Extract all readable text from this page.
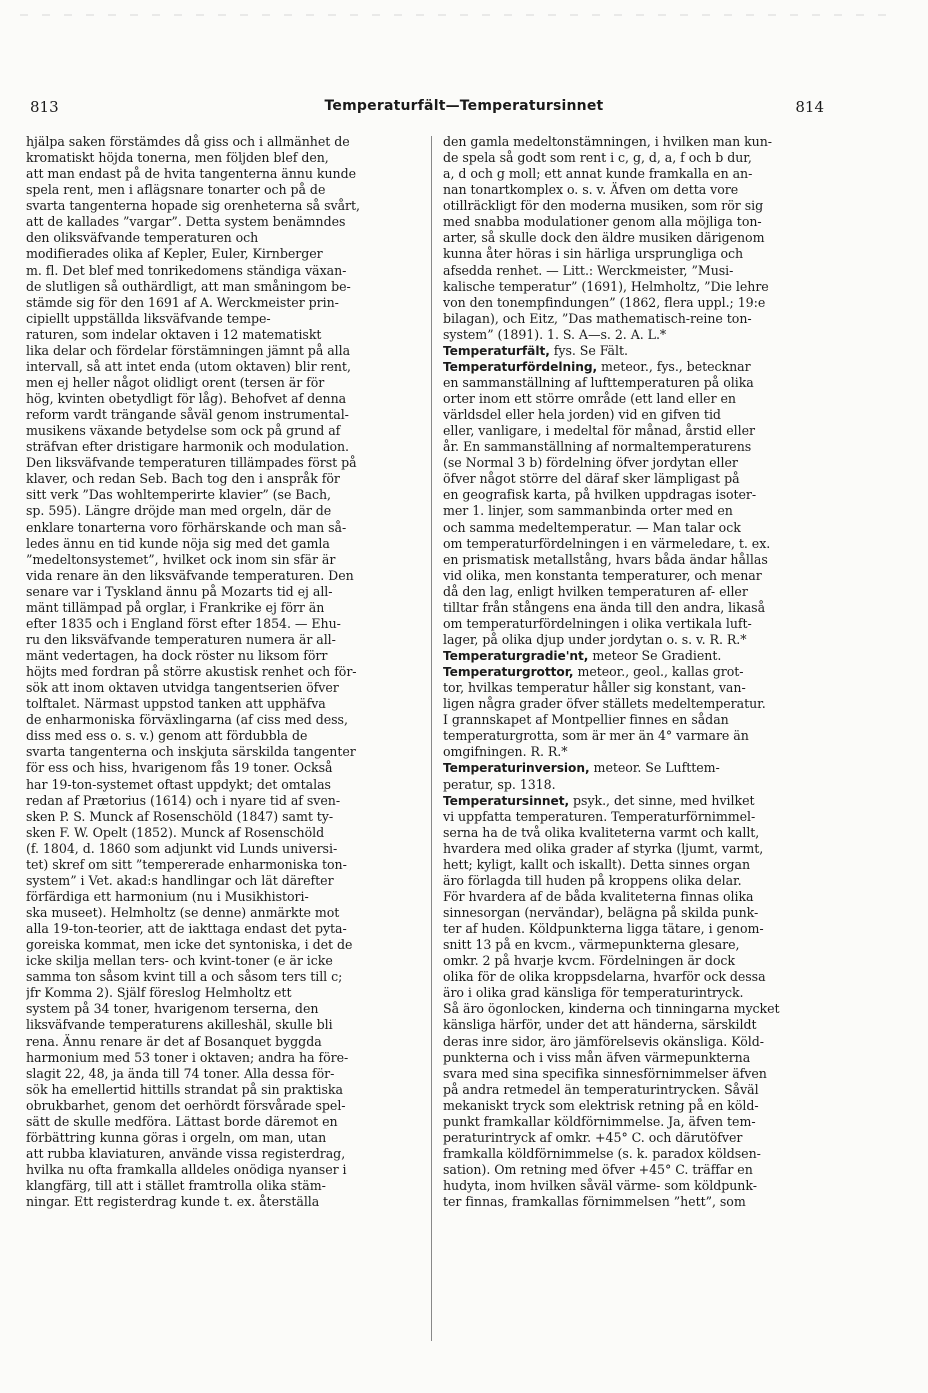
813	Temperaturfält—Temperatursinnet	814
hjälpa saken förstämdes då giss och i allmänhet de
kromatiskt höjda tonerna, men följden blef den,
att man endast på de hvita tangenterna ännu kunde
spela rent, men i aflägsnare tonarter och på de
svarta tangenterna hopade sig orenheterna så svårt,
att de kallades ”vargar”. Detta system benämndes
den oliksväfvande temperaturen och
modifierades olika af Kepler, Euler, Kirnberger
m. fl. Det blef med tonrikedomens ständiga växan-
de slutligen så outhärdligt, att man småningom be-
stämde sig för den 1691 af A. Werckmeister prin-
cipiellt uppställda liksväfvande tempe-
raturen, som indelar oktaven i 12 matematiskt
lika delar och fördelar förstämningen jämnt på alla
intervall, så att intet enda (utom oktaven) blir rent,
men ej heller något olidligt orent (tersen är för
hög, kvinten obetydligt för låg). Behofvet af denna
reform vardt trängande såväl genom instrumental-
musikens växande betydelse som ock på grund af
sträfvan efter dristigare harmonik och modulation.
Den liksväfvande temperaturen tillämpades först på
klaver, och redan Seb. Bach tog den i anspråk för
sitt verk ”Das wohltemperirte klavier” (se Bach,
sp. 595). Längre dröjde man med orgeln, där de
enklare tonarterna voro förhärskande och man så-
ledes ännu en tid kunde nöja sig med det gamla
”medeltonsystemet”, hvilket ock inom sin sfär är
vida renare än den liksväfvande temperaturen. Den
senare var i Tyskland ännu på Mozarts tid ej all-
mänt tillämpad på orglar, i Frankrike ej förr än
efter 1835 och i England först efter 1854. — Ehu-
ru den liksväfvande temperaturen numera är all-
mänt vedertagen, ha dock röster nu liksom förr
höjts med fordran på större akustisk renhet och för-
sök att inom oktaven utvidga tangentserien öfver
tolftalet. Närmast uppstod tanken att upphäfva
de enharmoniska förväxlingarna (af ciss med dess,
diss med ess o. s. v.) genom att fördubbla de
svarta tangenterna och inskjuta särskilda tangenter
för ess och hiss, hvarigenom fås 19 toner. Också
har 19-ton-systemet oftast uppdykt; det omtalas
redan af Prætorius (1614) och i nyare tid af sven-
sken P. S. Munck af Rosenschöld (1847) samt ty-
sken F. W. Opelt (1852). Munck af Rosenschöld
(f. 1804, d. 1860 som adjunkt vid Lunds universi-
tet) skref om sitt ”tempererade enharmoniska ton-
system” i Vet. akad:s handlingar och lät därefter
förfärdiga ett harmonium (nu i Musikhistori-
ska museet). Helmholtz (se denne) anmärkte mot
alla 19-ton-teorier, att de iakttaga endast det pyta-
goreiska kommat, men icke det syntoniska, i det de
icke skilja mellan ters- och kvint-toner (e är icke
samma ton såsom kvint till a och såsom ters till c;
jfr Komma 2). Själf föreslog Helmholtz ett
system på 34 toner, hvarigenom terserna, den
liksväfvande temperaturens akilleshäl, skulle bli
rena. Ännu renare är det af Bosanquet byggda
harmonium med 53 toner i oktaven; andra ha före-
slagit 22, 48, ja ända till 74 toner. Alla dessa för-
sök ha emellertid hittills strandat på sin praktiska
obrukbarhet, genom det oerhördt försvårade spel-
sätt de skulle medföra. Lättast borde däremot en
förbättring kunna göras i orgeln, om man, utan
att rubba klaviaturen, använde vissa registerdrag,
hvilka nu ofta framkalla alldeles onödiga nyanser i
klangfärg, till att i stället framtrolla olika stäm-
ningar. Ett registerdrag kunde t. ex. återställa
den gamla medeltonstämningen, i hvilken man kun-
de spela så godt som rent i c, g, d, a, f och b dur,
a, d och g moll; ett annat kunde framkalla en an-
nan tonartkomplex o. s. v. Äfven om detta vore
otillräckligt för den moderna musiken, som rör sig
med snabba modulationer genom alla möjliga ton-
arter, så skulle dock den äldre musiken därigenom
kunna åter höras i sin härliga ursprungliga och
afsedda renhet. — Litt.: Werckmeister, ”Musi-
kalische temperatur” (1691), Helmholtz, ”Die lehre
von den tonempfindungen” (1862, flera uppl.; 19:e
bilagan), och Eitz, ”Das mathematisch-reine ton-
system” (1891). 1. S. A—s. 2. A. L.*
Temperaturfält, fys. Se Fält.
Temperaturfördelning, meteor., fys., betecknar
en sammanställning af lufttemperaturen på olika
orter inom ett större område (ett land eller en
världsdel eller hela jorden) vid en gifven tid
eller, vanligare, i medeltal för månad, årstid eller
år. En sammanställning af normaltemperaturens
(se Normal 3 b) fördelning öfver jordytan eller
öfver något större del däraf sker lämpligast på
en geografisk karta, på hvilken uppdragas isoter-
mer 1. linjer, som sammanbinda orter med en
och samma medeltemperatur. — Man talar ock
om temperaturfördelningen i en värmeledare, t. ex.
en prismatisk metallstång, hvars båda ändar hållas
vid olika, men konstanta temperaturer, och menar
då den lag, enligt hvilken temperaturen af- eller
tilltar från stångens ena ända till den andra, likaså
om temperaturfördelningen i olika vertikala luft-
lager, på olika djup under jordytan o. s. v. R. R.*
Temperaturgradie'nt, meteor Se Gradient.
Temperaturgrottor, meteor., geol., kallas grot-
tor, hvilkas temperatur håller sig konstant, van-
ligen några grader öfver ställets medeltemperatur.
I grannskapet af Montpellier finnes en sådan
temperaturgrotta, som är mer än 4° varmare än
omgifningen. R. R.*
Temperaturinversion, meteor. Se Lufttem-
peratur, sp. 1318.
Temperatursinnet, psyk., det sinne, med hvilket
vi uppfatta temperaturen. Temperaturförnimmel-
serna ha de två olika kvaliteterna varmt och kallt,
hvardera med olika grader af styrka (ljumt, varmt,
hett; kyligt, kallt och iskallt). Detta sinnes organ
äro förlagda till huden på kroppens olika delar.
För hvardera af de båda kvaliteterna finnas olika
sinnesorgan (nervändar), belägna på skilda punk-
ter af huden. Köldpunkterna ligga tätare, i genom-
snitt 13 på en kvcm., värmepunkterna glesare,
omkr. 2 på hvarje kvcm. Fördelningen är dock
olika för de olika kroppsdelarna, hvarför ock dessa
äro i olika grad känsliga för temperaturintryck.
Så äro ögonlocken, kinderna och tinningarna mycket
känsliga härför, under det att händerna, särskildt
deras inre sidor, äro jämförelsevis okänsliga. Köld-
punkterna och i viss mån äfven värmepunkterna
svara med sina specifika sinnesförnimmelser äfven
på andra retmedel än temperaturintrycken. Såväl
mekaniskt tryck som elektrisk retning på en köld-
punkt framkallar köldförnimmelse. Ja, äfven tem-
peraturintryck af omkr. +45° C. och därutöfver
framkalla köldförnimmelse (s. k. paradox köldsen-
sation). Om retning med öfver +45° C. träffar en
hudyta, inom hvilken såväl värme- som köldpunk-
ter finnas, framkallas förnimmelsen ”hett”, som
